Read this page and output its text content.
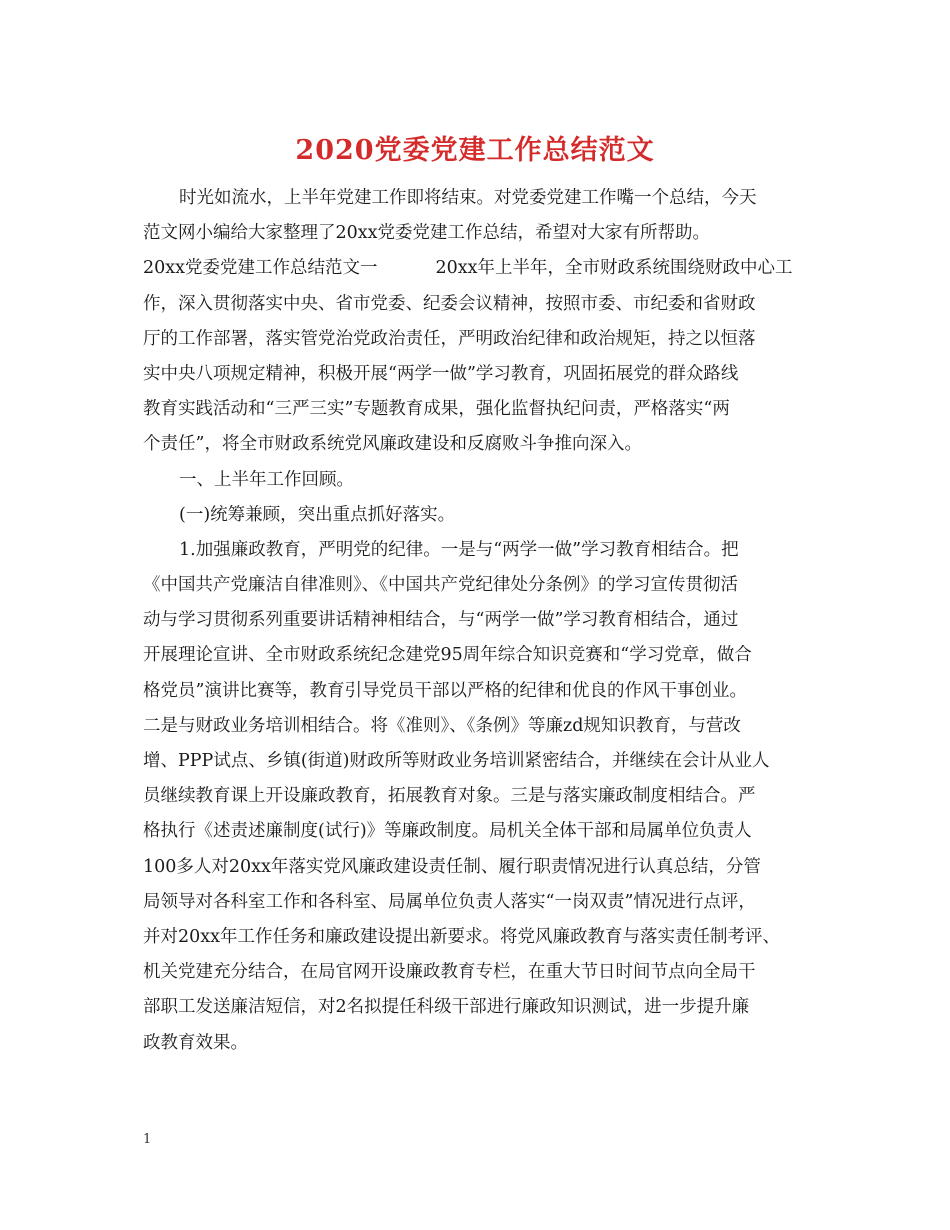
2020党委党建工作总结范文
时光如流水，上半年党建工作即将结束。对党委党建工作嘴一个总结，今天
范文网小编给大家整理了20xx党委党建工作总结，希望对大家有所帮助。
20xx党委党建工作总结范文一	20xx年上半年，全市财政系统围绕财政中心工
作，深入贯彻落实中央、省市党委、纪委会议精神，按照市委、市纪委和省财政
厅的工作部署，落实管党治党政治责任，严明政治纪律和政治规矩，持之以恒落
实中央八项规定精神，积极开展“两学一做”学习教育，巩固拓展党的群众路线
教育实践活动和“三严三实”专题教育成果，强化监督执纪问责，严格落实“两
个责任”，将全市财政系统党风廉政建设和反腐败斗争推向深入。
一、上半年工作回顾。
(一)统筹兼顾，突出重点抓好落实。
1.加强廉政教育，严明党的纪律。一是与“两学一做”学习教育相结合。把
《中国共产党廉洁自律准则》、《中国共产党纪律处分条例》的学习宣传贯彻活
动与学习贯彻系列重要讲话精神相结合，与“两学一做”学习教育相结合，通过
开展理论宣讲、全市财政系统纪念建党95周年综合知识竞赛和“学习党章，做合
格党员”演讲比赛等，教育引导党员干部以严格的纪律和优良的作风干事创业。
二是与财政业务培训相结合。将《准则》、《条例》等廉zd规知识教育，与营改
增、PPP试点、乡镇(街道)财政所等财政业务培训紧密结合，并继续在会计从业人
员继续教育课上开设廉政教育，拓展教育对象。三是与落实廉政制度相结合。严
格执行《述责述廉制度(试行)》等廉政制度。局机关全体干部和局属单位负责人
100多人对20xx年落实党风廉政建设责任制、履行职责情况进行认真总结，分管
局领导对各科室工作和各科室、局属单位负责人落实“一岗双责”情况进行点评，
并对20xx年工作任务和廉政建设提出新要求。将党风廉政教育与落实责任制考评、
机关党建充分结合，在局官网开设廉政教育专栏，在重大节日时间节点向全局干
部职工发送廉洁短信，对2名拟提任科级干部进行廉政知识测试，进一步提升廉
政教育效果。
1
